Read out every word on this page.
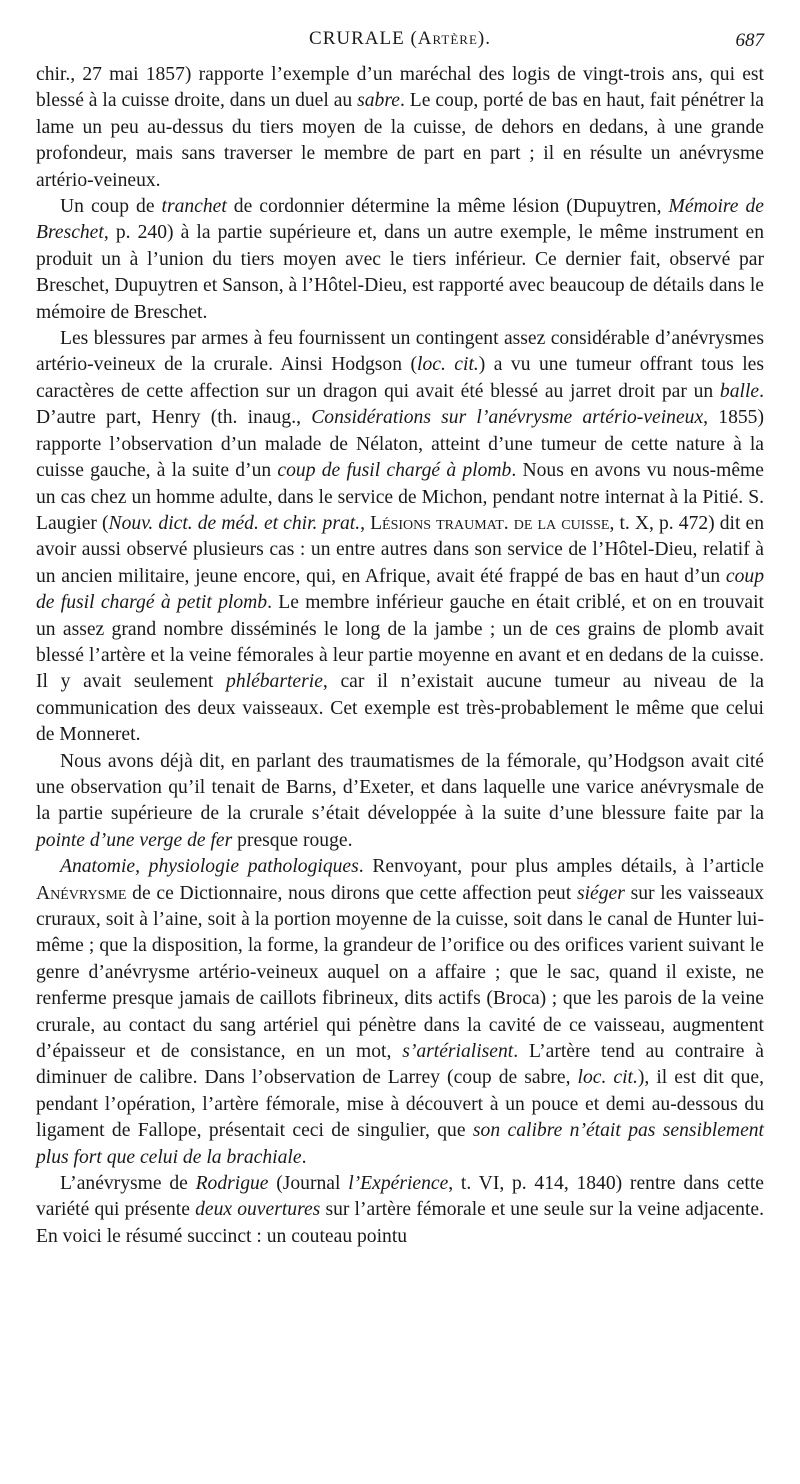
CRURALE (Artère).	687

chir., 27 mai 1857) rapporte l’exemple d’un maréchal des logis de vingt-trois ans, qui est blessé à la cuisse droite, dans un duel au sabre. Le coup, porté de bas en haut, fait pénétrer la lame un peu au-dessus du tiers moyen de la cuisse, de dehors en dedans, à une grande profondeur, mais sans traverser le membre de part en part ; il en résulte un anévrysme artério-veineux.

Un coup de tranchet de cordonnier détermine la même lésion (Dupuytren, Mémoire de Breschet, p. 240) à la partie supérieure et, dans un autre exemple, le même instrument en produit un à l’union du tiers moyen avec le tiers inférieur. Ce dernier fait, observé par Breschet, Dupuytren et Sanson, à l’Hôtel-Dieu, est rapporté avec beaucoup de détails dans le mémoire de Breschet.

Les blessures par armes à feu fournissent un contingent assez considérable d’anévrysmes artério-veineux de la crurale. Ainsi Hodgson (loc. cit.) a vu une tumeur offrant tous les caractères de cette affection sur un dragon qui avait été blessé au jarret droit par un balle. D’autre part, Henry (th. inaug., Considérations sur l’anévrysme artério-veineux, 1855) rapporte l’observation d’un malade de Nélaton, atteint d’une tumeur de cette nature à la cuisse gauche, à la suite d’un coup de fusil chargé à plomb. Nous en avons vu nous-même un cas chez un homme adulte, dans le service de Michon, pendant notre internat à la Pitié. S. Laugier (Nouv. dict. de méd. et chir. prat., Lésions traumat. de la cuisse, t. X, p. 472) dit en avoir aussi observé plusieurs cas : un entre autres dans son service de l’Hôtel-Dieu, relatif à un ancien militaire, jeune encore, qui, en Afrique, avait été frappé de bas en haut d’un coup de fusil chargé à petit plomb. Le membre inférieur gauche en était criblé, et on en trouvait un assez grand nombre disséminés le long de la jambe ; un de ces grains de plomb avait blessé l’artère et la veine fémorales à leur partie moyenne en avant et en dedans de la cuisse. Il y avait seulement phlébarterie, car il n’existait aucune tumeur au niveau de la communication des deux vaisseaux. Cet exemple est très-probablement le même que celui de Monneret.

Nous avons déjà dit, en parlant des traumatismes de la fémorale, qu’Hodgson avait cité une observation qu’il tenait de Barns, d’Exeter, et dans laquelle une varice anévrysmale de la partie supérieure de la crurale s’était développée à la suite d’une blessure faite par la pointe d’une verge de fer presque rouge.

Anatomie, physiologie pathologiques. Renvoyant, pour plus amples détails, à l’article Anévrysme de ce Dictionnaire, nous dirons que cette affection peut siéger sur les vaisseaux cruraux, soit à l’aine, soit à la portion moyenne de la cuisse, soit dans le canal de Hunter lui-même ; que la disposition, la forme, la grandeur de l’orifice ou des orifices varient suivant le genre d’anévrysme artério-veineux auquel on a affaire ; que le sac, quand il existe, ne renferme presque jamais de caillots fibrineux, dits actifs (Broca) ; que les parois de la veine crurale, au contact du sang artériel qui pénètre dans la cavité de ce vaisseau, augmentent d’épaisseur et de consistance, en un mot, s’artérialisent. L’artère tend au contraire à diminuer de calibre. Dans l’observation de Larrey (coup de sabre, loc. cit.), il est dit que, pendant l’opération, l’artère fémorale, mise à découvert à un pouce et demi au-dessous du ligament de Fallope, présentait ceci de singulier, que son calibre n’était pas sensiblement plus fort que celui de la brachiale.

L’anévrysme de Rodrigue (Journal l’Expérience, t. VI, p. 414, 1840) rentre dans cette variété qui présente deux ouvertures sur l’artère fémorale et une seule sur la veine adjacente. En voici le résumé succinct : un couteau pointu
